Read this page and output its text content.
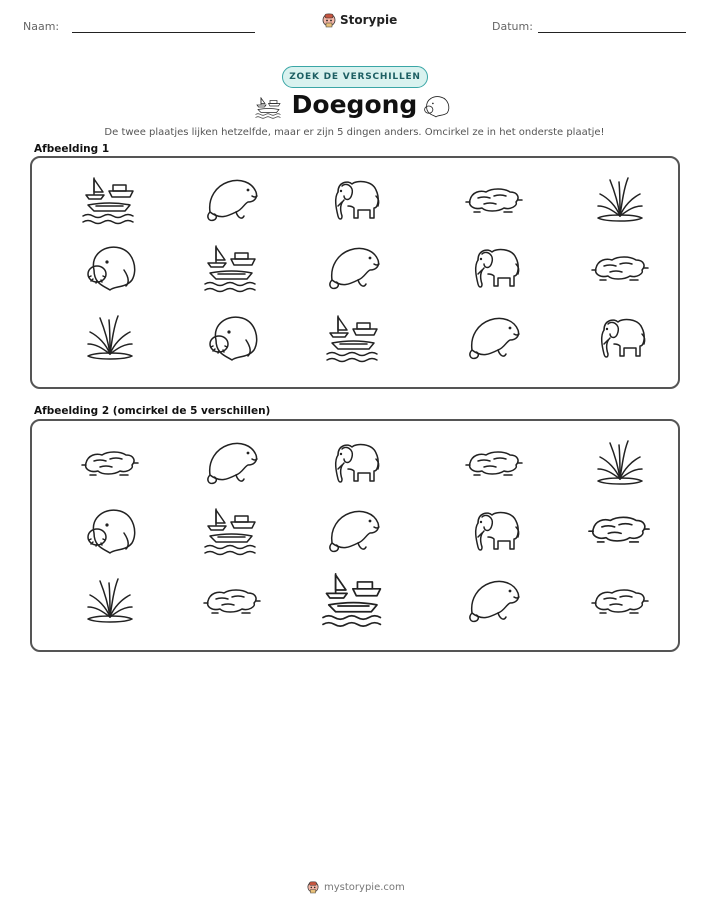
Naam:	Storypie	Datum:
ZOEK DE VERSCHILLEN
Doegong
De twee plaatjes lijken hetzelfde, maar er zijn 5 dingen anders. Omcirkel ze in het onderste plaatje!
Afbeelding 1
Afbeelding 2 (omcirkel de 5 verschillen)
mystorypie.com
